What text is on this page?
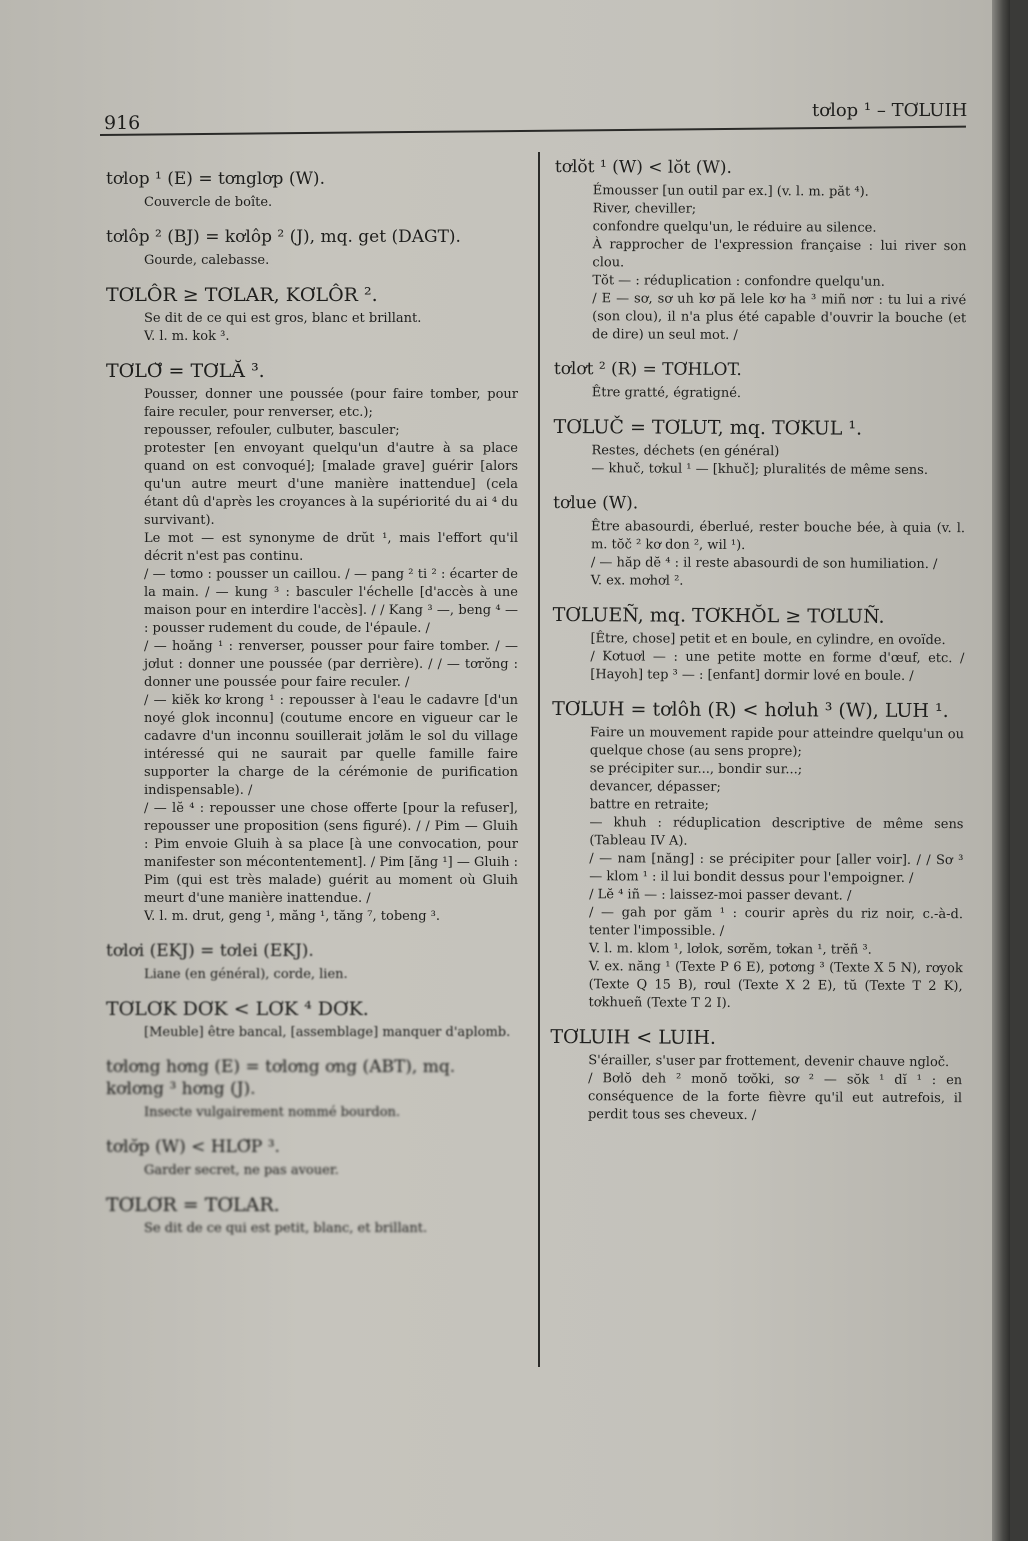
916
tơlop ¹ – TƠLUIH
tơlop ¹ (E) = tơnglơp (W).

Couvercle de boîte.

tơlôp ² (BJ) = kơlôp ² (J), mq. get (DAGT).

Gourde, calebasse.

TƠLÔR ≥ TƠLAR, KƠLÔR ².

Se dit de ce qui est gros, blanc et brillant.

V. l. m. kok ³.

TƠLƠ̆ = TƠLĂ ³.

Pousser, donner une poussée (pour faire tomber, pour faire reculer, pour renverser, etc.);

repousser, refouler, culbuter, basculer;

protester [en envoyant quelqu'un d'autre à sa place quand on est convoqué]; [malade grave] guérir [alors qu'un autre meurt d'une manière inattendue] (cela étant dû d'après les croyances à la supériorité du ai ⁴ du survivant).

Le mot — est synonyme de drŭt ¹, mais l'effort qu'il décrit n'est pas continu.

/ — tơmo : pousser un caillou. / — pang ² ti ² : écarter de la main. / — kung ³ : basculer l'échelle [d'accès à une maison pour en interdire l'accès]. / / Kang ³ —, beng ⁴ — : pousser rudement du coude, de l'épaule. /

/ — hoăng ¹ : renverser, pousser pour faire tomber. / — jơlut : donner une poussée (par derrière). / / — tơrŏng : donner une poussée pour faire reculer. /

/ — kiĕk kơ krong ¹ : repousser à l'eau le cadavre [d'un noyé glok inconnu] (coutume encore en vigueur car le cadavre d'un inconnu souillerait jơlăm le sol du village intéressé qui ne saurait par quelle famille faire supporter la charge de la cérémonie de purification indispensable). /

/ — lĕ ⁴ : repousser une chose offerte [pour la refuser], repousser une proposition (sens figuré). / / Pim — Gluih : Pim envoie Gluih à sa place [à une convocation, pour manifester son mécontentement]. / Pim [ăng ¹] — Gluih : Pim (qui est très malade) guérit au moment où Gluih meurt d'une manière inattendue. /

V. l. m. drut, geng ¹, măng ¹, tăng ⁷, tobeng ³.

tơlơi (EKJ) = tơlei (EKJ).

Liane (en général), corde, lien.

TƠLƠK DƠK < LƠK ⁴ DƠK.

[Meuble] être bancal, [assemblage] manquer d'aplomb.

tơlơng hơng (E) = tơlơng ơng (ABT), mq. kơlơng ³ hơng (J).

Insecte vulgairement nommé bourdon.

tơlơ̆p (W) < HLƠ̆P ³.

Garder secret, ne pas avouer.

TƠLƠR = TƠLAR.

Se dit de ce qui est petit, blanc, et brillant.

tơlŏt ¹ (W) < lŏt (W).

Émousser [un outil par ex.] (v. l. m. păt ⁴).

River, cheviller;

confondre quelqu'un, le réduire au silence.

À rapprocher de l'expression française : lui river son clou.

Tŏt — : réduplication : confondre quelqu'un.

/ E — sơ, sơ uh kơ pă lele kơ ha ³ miñ nơr : tu lui a rivé (son clou), il n'a plus été capable d'ouvrir la bouche (et de dire) un seul mot. /

tơlơt ² (R) = TƠHLOT.

Être gratté, égratigné.

TƠLUČ = TƠLUT, mq. TƠKUL ¹.

Restes, déchets (en général)

— khuč, tơkul ¹ — [khuč]; pluralités de même sens.

tơlue (W).

Être abasourdi, éberlué, rester bouche bée, à quia (v. l. m. tŏč ² kơ don ², wil ¹).

/ — hăp dĕ ⁴ : il reste abasourdi de son humiliation. /

V. ex. mơhơl ².

TƠLUEÑ, mq. TƠKHŎL ≥ TƠLUÑ.

[Être, chose] petit et en boule, en cylindre, en ovoïde.

/ Kơtuơl — : une petite motte en forme d'œuf, etc. / [Hayoh] tep ³ — : [enfant] dormir lové en boule. /

TƠLUH = tơlôh (R) < hơluh ³ (W), LUH ¹.

Faire un mouvement rapide pour atteindre quelqu'un ou quelque chose (au sens propre);

se précipiter sur..., bondir sur...;

devancer, dépasser;

battre en retraite;

— khuh : réduplication descriptive de même sens (Tableau IV A).

/ — nam [năng] : se précipiter pour [aller voir]. / / Sơ ³ — klom ¹ : il lui bondit dessus pour l'empoigner. /

/ Lĕ ⁴ iñ — : laissez-moi passer devant. /

/ — gah por găm ¹ : courir après du riz noir, c.-à-d. tenter l'impossible. /

V. l. m. klom ¹, lơlok, sơrĕm, tơkan ¹, trĕñ ³.

V. ex. năng ¹ (Texte P 6 E), pơtơng ³ (Texte X 5 N), rơyok (Texte Q 15 B), rơul (Texte X 2 E), tŭ (Texte T 2 K), tơkhueñ (Texte T 2 I).

TƠLUIH < LUIH.

S'érailler, s'user par frottement, devenir chauve ngloč.

/ Bơlŏ deh ² monŏ tơŏki, sơ ² — sŏk ¹ dĭ ¹ : en conséquence de la forte fièvre qu'il eut autrefois, il perdit tous ses cheveux. /
